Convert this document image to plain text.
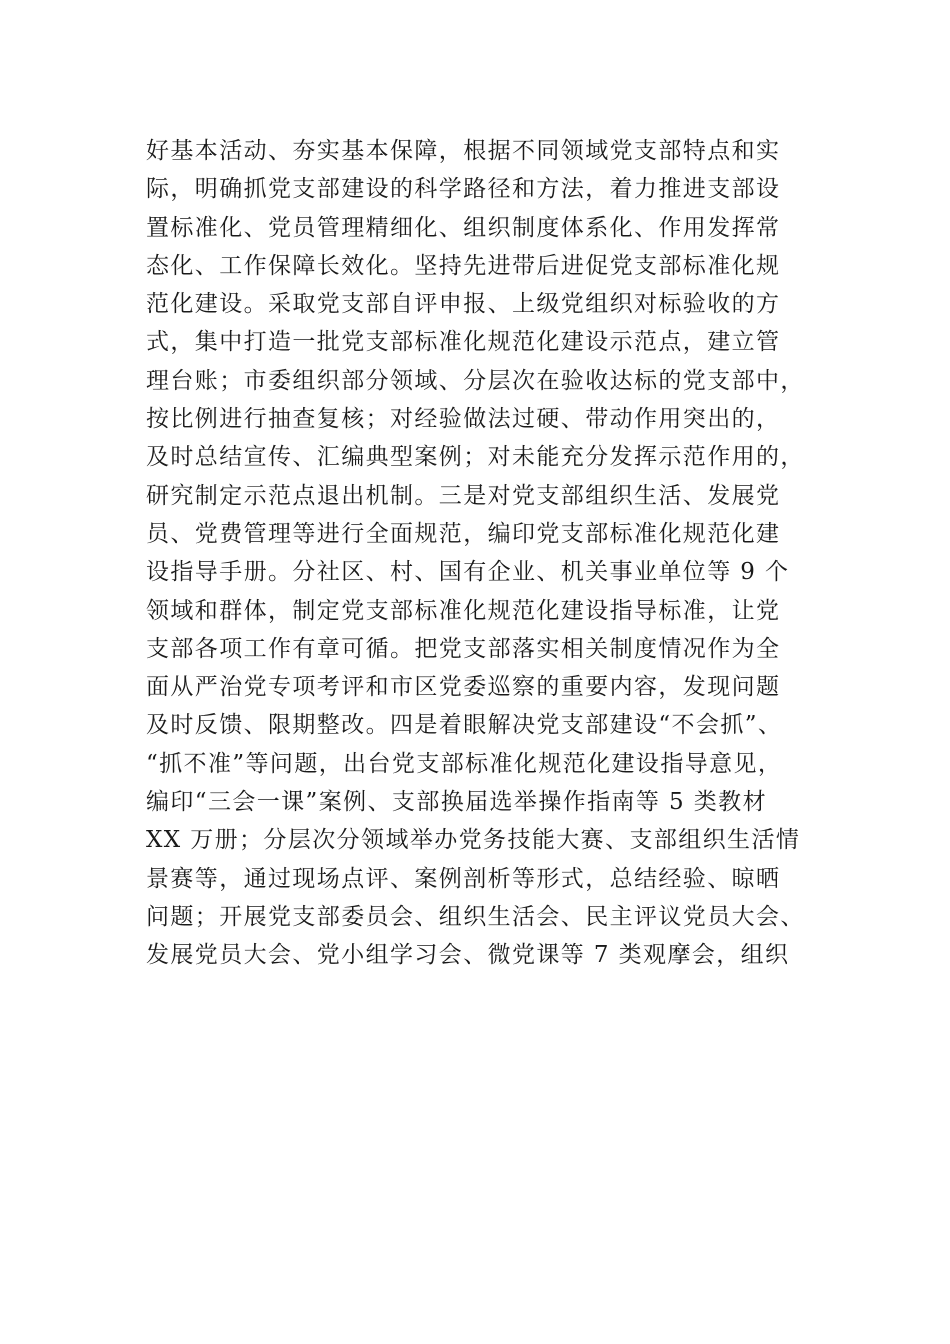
好基本活动、夯实基本保障，根据不同领域党支部特点和实
际，明确抓党支部建设的科学路径和方法，着力推进支部设
置标准化、党员管理精细化、组织制度体系化、作用发挥常
态化、工作保障长效化。坚持先进带后进促党支部标准化规
范化建设。采取党支部自评申报、上级党组织对标验收的方
式，集中打造一批党支部标准化规范化建设示范点，建立管
理台账；市委组织部分领域、分层次在验收达标的党支部中，
按比例进行抽查复核；对经验做法过硬、带动作用突出的，
及时总结宣传、汇编典型案例；对未能充分发挥示范作用的，
研究制定示范点退出机制。三是对党支部组织生活、发展党
员、党费管理等进行全面规范，编印党支部标准化规范化建
设指导手册。分社区、村、国有企业、机关事业单位等 9 个
领域和群体，制定党支部标准化规范化建设指导标准，让党
支部各项工作有章可循。把党支部落实相关制度情况作为全
面从严治党专项考评和市区党委巡察的重要内容，发现问题
及时反馈、限期整改。四是着眼解决党支部建设“不会抓”、
“抓不准”等问题，出台党支部标准化规范化建设指导意见，
编印“三会一课”案例、支部换届选举操作指南等 5 类教材
XX 万册；分层次分领域举办党务技能大赛、支部组织生活情
景赛等，通过现场点评、案例剖析等形式，总结经验、晾晒
问题；开展党支部委员会、组织生活会、民主评议党员大会、
发展党员大会、党小组学习会、微党课等 7 类观摩会，组织
